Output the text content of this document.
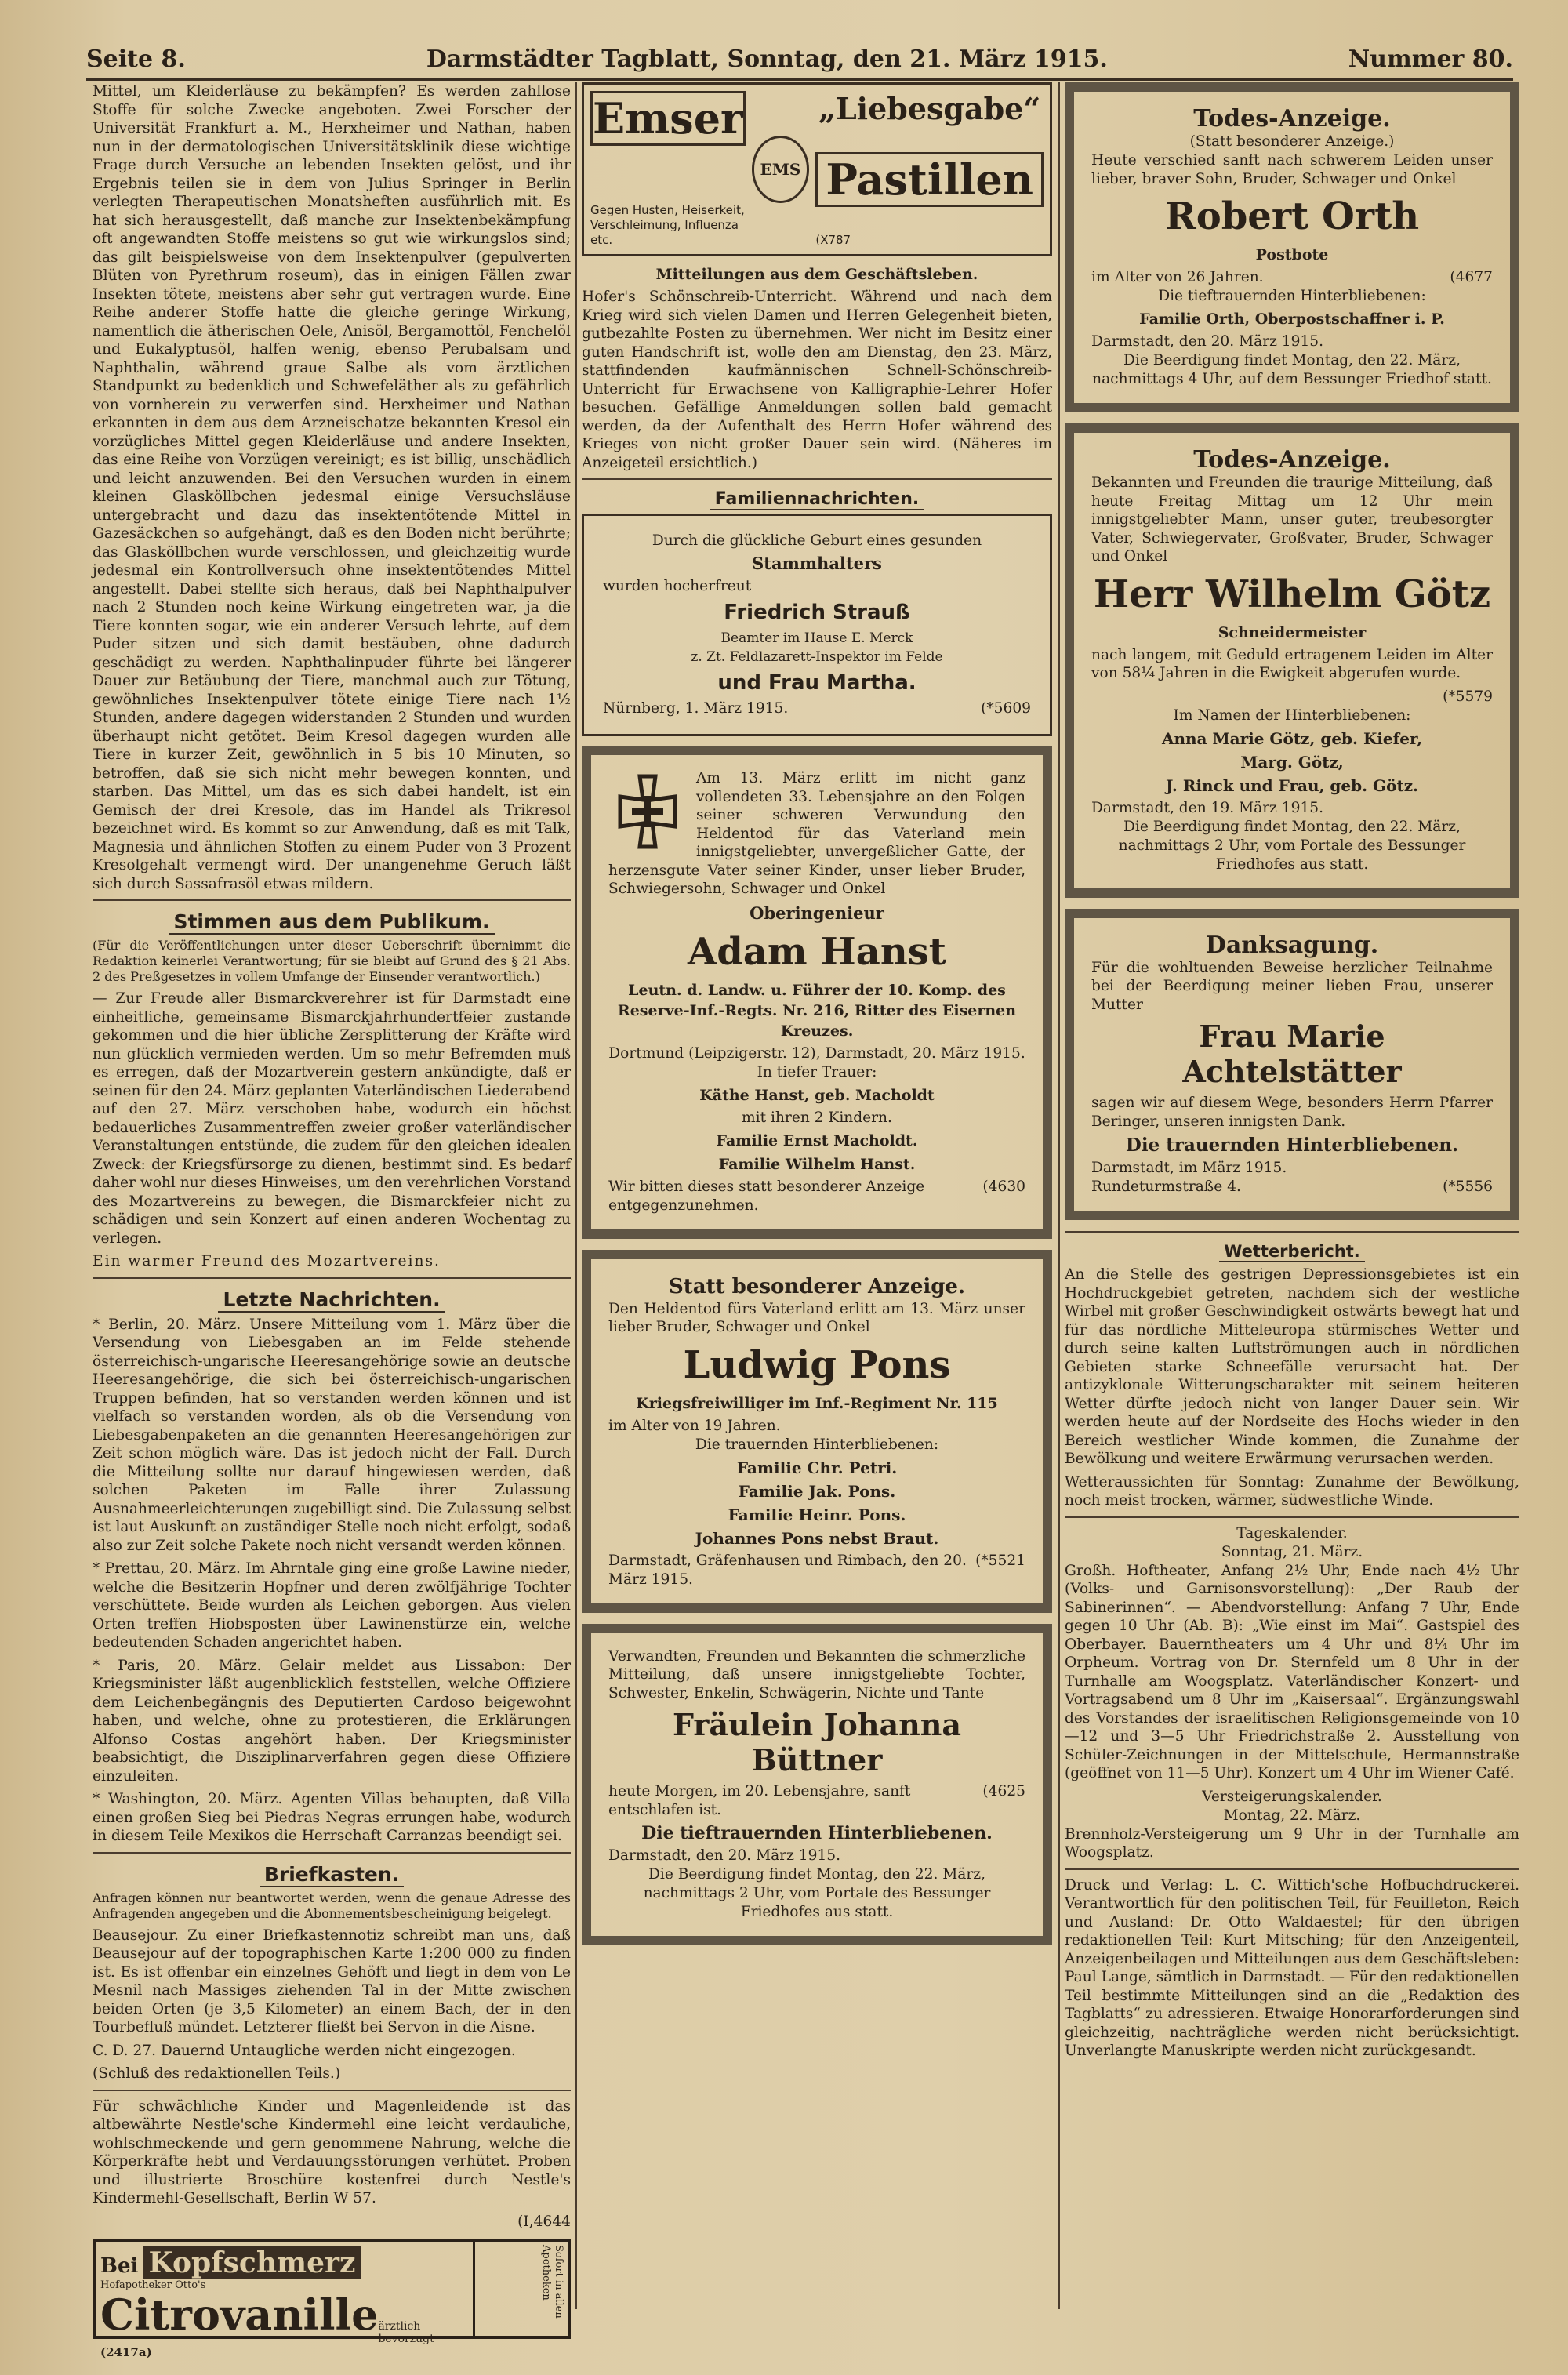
Seite 8.	Darmstädter Tagblatt, Sonntag, den 21. März 1915.	Nummer 80.

Mittel, um Kleiderläuse zu bekämpfen? Es werden zahllose Stoffe für solche Zwecke angeboten. Zwei Forscher der Universität Frankfurt a. M., Herxheimer und Nathan, haben nun in der dermatologischen Universitätsklinik diese wichtige Frage durch Versuche an lebenden Insekten gelöst, und ihr Ergebnis teilen sie in dem von Julius Springer in Berlin verlegten Therapeutischen Monatsheften ausführlich mit. Es hat sich herausgestellt, daß manche zur Insektenbekämpfung oft angewandten Stoffe meistens so gut wie wirkungslos sind; das gilt beispielsweise von dem Insektenpulver (gepulverten Blüten von Pyrethrum roseum), das in einigen Fällen zwar Insekten tötete, meistens aber sehr gut vertragen wurde. Eine Reihe anderer Stoffe hatte die gleiche geringe Wirkung, namentlich die ätherischen Oele, Anisöl, Bergamottöl, Fenchelöl und Eukalyptusöl, halfen wenig, ebenso Perubalsam und Naphthalin, während graue Salbe als vom ärztlichen Standpunkt zu bedenklich und Schwefeläther als zu gefährlich von vornherein zu verwerfen sind. Herxheimer und Nathan erkannten in dem aus dem Arzneischatze bekannten Kresol ein vorzügliches Mittel gegen Kleiderläuse und andere Insekten, das eine Reihe von Vorzügen vereinigt; es ist billig, unschädlich und leicht anzuwenden. Bei den Versuchen wurden in einem kleinen Glasköllbchen jedesmal einige Versuchsläuse untergebracht und dazu das insektentötende Mittel in Gazesäckchen so aufgehängt, daß es den Boden nicht berührte; das Glasköllbchen wurde verschlossen, und gleichzeitig wurde jedesmal ein Kontrollversuch ohne insektentötendes Mittel angestellt. Dabei stellte sich heraus, daß bei Naphthalpulver nach 2 Stunden noch keine Wirkung eingetreten war, ja die Tiere konnten sogar, wie ein anderer Versuch lehrte, auf dem Puder sitzen und sich damit bestäuben, ohne dadurch geschädigt zu werden. Naphthalinpuder führte bei längerer Dauer zur Betäubung der Tiere, manchmal auch zur Tötung, gewöhnliches Insektenpulver tötete einige Tiere nach 1½ Stunden, andere dagegen widerstanden 2 Stunden und wurden überhaupt nicht getötet. Beim Kresol dagegen wurden alle Tiere in kurzer Zeit, gewöhnlich in 5 bis 10 Minuten, so betroffen, daß sie sich nicht mehr bewegen konnten, und starben. Das Mittel, um das es sich dabei handelt, ist ein Gemisch der drei Kresole, das im Handel als Trikresol bezeichnet wird. Es kommt so zur Anwendung, daß es mit Talk, Magnesia und ähnlichen Stoffen zu einem Puder von 3 Prozent Kresolgehalt vermengt wird. Der unangenehme Geruch läßt sich durch Sassafrasöl etwas mildern.

Stimmen aus dem Publikum.

(Für die Veröffentlichungen unter dieser Ueberschrift übernimmt die Redaktion keinerlei Verantwortung; für sie bleibt auf Grund des § 21 Abs. 2 des Preßgesetzes in vollem Umfange der Einsender verantwortlich.)

— Zur Freude aller Bismarckverehrer ist für Darmstadt eine einheitliche, gemeinsame Bismarckjahrhundertfeier zustande gekommen und die hier übliche Zersplitterung der Kräfte wird nun glücklich vermieden werden. Um so mehr Befremden muß es erregen, daß der Mozartverein gestern ankündigte, daß er seinen für den 24. März geplanten Vaterländischen Liederabend auf den 27. März verschoben habe, wodurch ein höchst bedauerliches Zusammentreffen zweier großer vaterländischer Veranstaltungen entstünde, die zudem für den gleichen idealen Zweck: der Kriegsfürsorge zu dienen, bestimmt sind. Es bedarf daher wohl nur dieses Hinweises, um den verehrlichen Vorstand des Mozartvereins zu bewegen, die Bismarckfeier nicht zu schädigen und sein Konzert auf einen anderen Wochentag zu verlegen.

Ein warmer Freund des Mozartvereins.

Letzte Nachrichten.

* Berlin, 20. März. Unsere Mitteilung vom 1. März über die Versendung von Liebesgaben an im Felde stehende österreichisch-ungarische Heeresangehörige sowie an deutsche Heeresangehörige, die sich bei österreichisch-ungarischen Truppen befinden, hat so verstanden werden können und ist vielfach so verstanden worden, als ob die Versendung von Liebesgabenpaketen an die genannten Heeresangehörigen zur Zeit schon möglich wäre. Das ist jedoch nicht der Fall. Durch die Mitteilung sollte nur darauf hingewiesen werden, daß solchen Paketen im Falle ihrer Zulassung Ausnahmeerleichterungen zugebilligt sind. Die Zulassung selbst ist laut Auskunft an zuständiger Stelle noch nicht erfolgt, sodaß also zur Zeit solche Pakete noch nicht versandt werden können.

* Prettau, 20. März. Im Ahrntale ging eine große Lawine nieder, welche die Besitzerin Hopfner und deren zwölfjährige Tochter verschüttete. Beide wurden als Leichen geborgen. Aus vielen Orten treffen Hiobsposten über Lawinenstürze ein, welche bedeutenden Schaden angerichtet haben.

* Paris, 20. März. Gelair meldet aus Lissabon: Der Kriegsminister läßt augenblicklich feststellen, welche Offiziere dem Leichenbegängnis des Deputierten Cardoso beigewohnt haben, und welche, ohne zu protestieren, die Erklärungen Alfonso Costas angehört haben. Der Kriegsminister beabsichtigt, die Disziplinarverfahren gegen diese Offiziere einzuleiten.

* Washington, 20. März. Agenten Villas behaupten, daß Villa einen großen Sieg bei Piedras Negras errungen habe, wodurch in diesem Teile Mexikos die Herrschaft Carranzas beendigt sei.

Briefkasten.

Anfragen können nur beantwortet werden, wenn die genaue Adresse des Anfragenden angegeben und die Abonnementsbescheinigung beigelegt.

Beausejour. Zu einer Briefkastennotiz schreibt man uns, daß Beausejour auf der topographischen Karte 1:200 000 zu finden ist. Es ist offenbar ein einzelnes Gehöft und liegt in dem von Le Mesnil nach Massiges ziehenden Tal in der Mitte zwischen beiden Orten (je 3,5 Kilometer) an einem Bach, der in den Tourbefluß mündet. Letzterer fließt bei Servon in die Aisne.

C. D. 27. Dauernd Untaugliche werden nicht eingezogen.

(Schluß des redaktionellen Teils.)

Für schwächliche Kinder und Magenleidende ist das altbewährte Nestle'sche Kindermehl eine leicht verdauliche, wohlschmeckende und gern genommene Nahrung, welche die Körperkräfte hebt und Verdauungsstörungen verhütet. Proben und illustrierte Broschüre kostenfrei durch Nestle's Kindermehl-Gesellschaft, Berlin W 57.

(I,4644

Bei Kopfschmerz
Hofapotheker Otto's
Citrovanille ärztlich bevorzugt
(2417a)
Sofort in allen Apotheken
Emser
Gegen Husten, Heiserkeit, Verschleimung, Influenza etc.
EMS
„Liebesgabe“
Pastillen
(X787
Mitteilungen aus dem Geschäftsleben.

Hofer's Schönschreib-Unterricht. Während und nach dem Krieg wird sich vielen Damen und Herren Gelegenheit bieten, gutbezahlte Posten zu übernehmen. Wer nicht im Besitz einer guten Handschrift ist, wolle den am Dienstag, den 23. März, stattfindenden kaufmännischen Schnell-Schönschreib-Unterricht für Erwachsene von Kalligraphie-Lehrer Hofer besuchen. Gefällige Anmeldungen sollen bald gemacht werden, da der Aufenthalt des Herrn Hofer während des Krieges von nicht großer Dauer sein wird. (Näheres im Anzeigeteil ersichtlich.)

Familiennachrichten.

Durch die glückliche Geburt eines gesunden

Stammhalters

wurden hocherfreut

Friedrich Strauß

Beamter im Hause E. Merck

z. Zt. Feldlazarett-Inspektor im Felde

und Frau Martha.

Nürnberg, 1. März 1915.	(*5609

Am 13. März erlitt im nicht ganz vollendeten 33. Lebensjahre an den Folgen seiner schweren Verwundung den Heldentod für das Vaterland mein innigstgeliebter, unvergeßlicher Gatte, der herzensgute Vater seiner Kinder, unser lieber Bruder, Schwiegersohn, Schwager und Onkel

Oberingenieur

Adam Hanst

Leutn. d. Landw. u. Führer der 10. Komp. des Reserve-Inf.-Regts. Nr. 216, Ritter des Eisernen Kreuzes.

Dortmund (Leipzigerstr. 12), Darmstadt, 20. März 1915.

In tiefer Trauer:

Käthe Hanst, geb. Macholdt

mit ihren 2 Kindern.

Familie Ernst Macholdt.

Familie Wilhelm Hanst.

Wir bitten dieses statt besonderer Anzeige entgegenzunehmen.
(4630

Statt besonderer Anzeige.

Den Heldentod fürs Vaterland erlitt am 13. März unser lieber Bruder, Schwager und Onkel

Ludwig Pons

Kriegsfreiwilliger im Inf.-Regiment Nr. 115

im Alter von 19 Jahren.

Die trauernden Hinterbliebenen:

Familie Chr. Petri.

Familie Jak. Pons.

Familie Heinr. Pons.

Johannes Pons nebst Braut.

Darmstadt, Gräfenhausen und Rimbach, den 20. März 1915.
(*5521

Verwandten, Freunden und Bekannten die schmerzliche Mitteilung, daß unsere innigstgeliebte Tochter, Schwester, Enkelin, Schwägerin, Nichte und Tante

Fräulein Johanna Büttner

heute Morgen, im 20. Lebensjahre, sanft entschlafen ist.
(4625

Die tieftrauernden Hinterbliebenen.

Darmstadt, den 20. März 1915.

Die Beerdigung findet Montag, den 22. März, nachmittags 2 Uhr, vom Portale des Bessunger Friedhofes aus statt.

Todes-Anzeige.

(Statt besonderer Anzeige.)

Heute verschied sanft nach schwerem Leiden unser lieber, braver Sohn, Bruder, Schwager und Onkel

Robert Orth

Postbote

im Alter von 26 Jahren.	(4677

Die tieftrauernden Hinterbliebenen:

Familie Orth, Oberpostschaffner i. P.

Darmstadt, den 20. März 1915.

Die Beerdigung findet Montag, den 22. März, nachmittags 4 Uhr, auf dem Bessunger Friedhof statt.

Todes-Anzeige.

Bekannten und Freunden die traurige Mitteilung, daß heute Freitag Mittag um 12 Uhr mein innigstgeliebter Mann, unser guter, treubesorgter Vater, Schwiegervater, Großvater, Bruder, Schwager und Onkel

Herr Wilhelm Götz

Schneidermeister

nach langem, mit Geduld ertragenem Leiden im Alter von 58¼ Jahren in die Ewigkeit abgerufen wurde.

(*5579

Im Namen der Hinterbliebenen:

Anna Marie Götz, geb. Kiefer,

Marg. Götz,

J. Rinck und Frau, geb. Götz.

Darmstadt, den 19. März 1915.

Die Beerdigung findet Montag, den 22. März, nachmittags 2 Uhr, vom Portale des Bessunger Friedhofes aus statt.

Danksagung.

Für die wohltuenden Beweise herzlicher Teilnahme bei der Beerdigung meiner lieben Frau, unserer Mutter

Frau Marie Achtelstätter

sagen wir auf diesem Wege, besonders Herrn Pfarrer Beringer, unseren innigsten Dank.

Die trauernden Hinterbliebenen.

Darmstadt, im März 1915.

Rundeturmstraße 4.	(*5556
Wetterbericht.

An die Stelle des gestrigen Depressionsgebietes ist ein Hochdruckgebiet getreten, nachdem sich der westliche Wirbel mit großer Geschwindigkeit ostwärts bewegt hat und für das nördliche Mitteleuropa stürmisches Wetter und durch seine kalten Luftströmungen auch in nördlichen Gebieten starke Schneefälle verursacht hat. Der antizyklonale Witterungscharakter mit seinem heiteren Wetter dürfte jedoch nicht von langer Dauer sein. Wir werden heute auf der Nordseite des Hochs wieder in den Bereich westlicher Winde kommen, die Zunahme der Bewölkung und weitere Erwärmung verursachen werden.

Wetteraussichten für Sonntag: Zunahme der Bewölkung, noch meist trocken, wärmer, südwestliche Winde.

Tageskalender.

Sonntag, 21. März.

Großh. Hoftheater, Anfang 2½ Uhr, Ende nach 4½ Uhr (Volks- und Garnisonsvorstellung): „Der Raub der Sabinerinnen“. — Abendvorstellung: Anfang 7 Uhr, Ende gegen 10 Uhr (Ab. B): „Wie einst im Mai“. Gastspiel des Oberbayer. Bauerntheaters um 4 Uhr und 8¼ Uhr im Orpheum. Vortrag von Dr. Sternfeld um 8 Uhr in der Turnhalle am Woogsplatz. Vaterländischer Konzert- und Vortragsabend um 8 Uhr im „Kaisersaal“. Ergänzungswahl des Vorstandes der israelitischen Religionsgemeinde von 10—12 und 3—5 Uhr Friedrichstraße 2. Ausstellung von Schüler-Zeichnungen in der Mittelschule, Hermannstraße (geöffnet von 11—5 Uhr). Konzert um 4 Uhr im Wiener Café.

Versteigerungskalender.

Montag, 22. März.

Brennholz-Versteigerung um 9 Uhr in der Turnhalle am Woogsplatz.

Druck und Verlag: L. C. Wittich'sche Hofbuchdruckerei. Verantwortlich für den politischen Teil, für Feuilleton, Reich und Ausland: Dr. Otto Waldaestel; für den übrigen redaktionellen Teil: Kurt Mitsching; für den Anzeigenteil, Anzeigenbeilagen und Mitteilungen aus dem Geschäftsleben: Paul Lange, sämtlich in Darmstadt. — Für den redaktionellen Teil bestimmte Mitteilungen sind an die „Redaktion des Tagblatts“ zu adressieren. Etwaige Honorarforderungen sind gleichzeitig, nachträgliche werden nicht berücksichtigt. Unverlangte Manuskripte werden nicht zurückgesandt.
